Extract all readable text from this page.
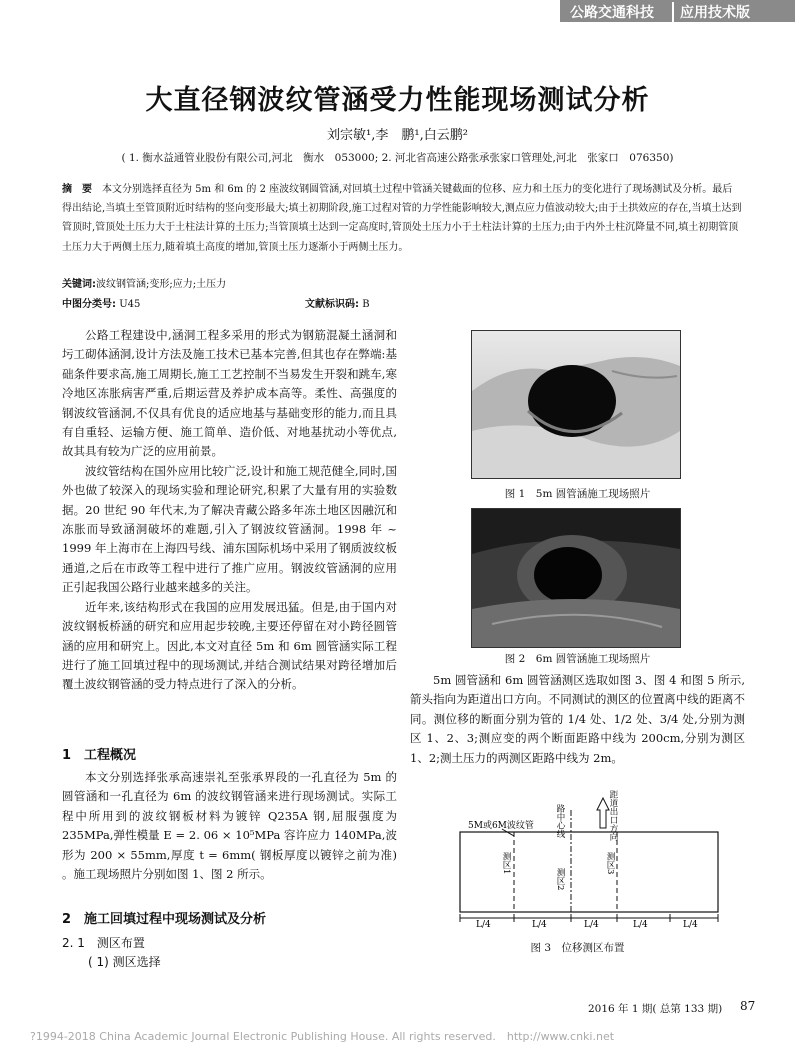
公路交通科技	应用技术版
大直径钢波纹管涵受力性能现场测试分析
刘宗敏¹,李　鹏¹,白云鹏²
( 1. 衡水益通管业股份有限公司,河北　衡水　053000; 2. 河北省高速公路张承张家口管理处,河北　张家口　076350)
摘　要　 本文分别选择直径为 5m 和 6m 的 2 座波纹钢圆管涵,对回填土过程中管涵关键截面的位移、应力和土压力的变化进行了现场测试及分析。最后得出结论,当填土至管顶附近时结构的竖向变形最大;填土初期阶段,施工过程对管的力学性能影响较大,测点应力值波动较大;由于土拱效应的存在,当填土达到管顶时,管顶处土压力大于土柱法计算的土压力;当管顶填土达到一定高度时,管顶处土压力小于土柱法计算的土压力;由于内外土柱沉降量不同,填土初期管顶土压力大于两侧土压力,随着填土高度的增加,管顶土压力逐渐小于两侧土压力。
关键词:波纹钢管涵;变形;应力;土压力
中图分类号: U45	文献标识码: B

公路工程建设中,涵洞工程多采用的形式为钢筋混凝土涵洞和圬工砌体涵洞,设计方法及施工技术已基本完善,但其也存在弊端:基础条件要求高,施工周期长,施工工艺控制不当易发生开裂和跳车,寒冷地区冻胀病害严重,后期运营及养护成本高等。柔性、高强度的钢波纹管涵洞,不仅具有优良的适应地基与基础变形的能力,而且具有自重轻、运输方便、施工简单、造价低、对地基扰动小等优点,故其具有较为广泛的应用前景。

波纹管结构在国外应用比较广泛,设计和施工规范健全,同时,国外也做了较深入的现场实验和理论研究,积累了大量有用的实验数据。20 世纪 90 年代末,为了解决青藏公路多年冻土地区因融沉和冻胀而导致涵洞破坏的难题,引入了钢波纹管涵洞。1998 年 ~ 1999 年上海市在上海四号线、浦东国际机场中采用了钢质波纹板通道,之后在市政等工程中进行了推广应用。钢波纹管涵洞的应用正引起我国公路行业越来越多的关注。

近年来,该结构形式在我国的应用发展迅猛。但是,由于国内对波纹钢板桥涵的研究和应用起步较晚,主要还停留在对小跨径圆管涵的应用和研究上。因此,本文对直径 5m 和 6m 圆管涵实际工程进行了施工回填过程中的现场测试,并结合测试结果对跨径增加后覆土波纹钢管涵的受力特点进行了深入的分析。

1　工程概况

本文分别选择张承高速崇礼至张承界段的一孔直径为 5m 的圆管涵和一孔直径为 6m 的波纹钢管涵来进行现场测试。实际工程中所用到的波纹钢板材料为镀锌 Q235A 钢,屈服强度为 235MPa,弹性模量 E = 2. 06 × 10⁵MPa 容许应力 140MPa,波形为 200 × 55mm,厚度 t = 6mm( 钢板厚度以镀锌之前为准) 。施工现场照片分别如图 1、图 2 所示。

2　施工回填过程中现场测试及分析
2. 1　测区布置
( 1) 测区选择
图 1　5m 圆管涵施工现场照片
图 2　6m 圆管涵施工现场照片

5m 圆管涵和 6m 圆管涵测区选取如图 3、图 4 和图 5 所示,箭头指向为距道出口方向。不同测试的测区的位置离中线的距离不同。测位移的断面分别为管的 1/4 处、1/2 处、3/4 处,分别为测区 1、2、3;测应变的两个断面距路中线为 200cm,分别为测区 1、2;测土压力的两测区距路中线为 2m。

L/4	L/4	L/4	L/4	L/4
5M或6M波纹管 路中心线
测区1
测区2
测区3
距道出口方向
图 3　位移测区布置
2016 年 1 期( 总第 133 期) 87
?1994-2018 China Academic Journal Electronic Publishing House. All rights reserved.　http://www.cnki.net
